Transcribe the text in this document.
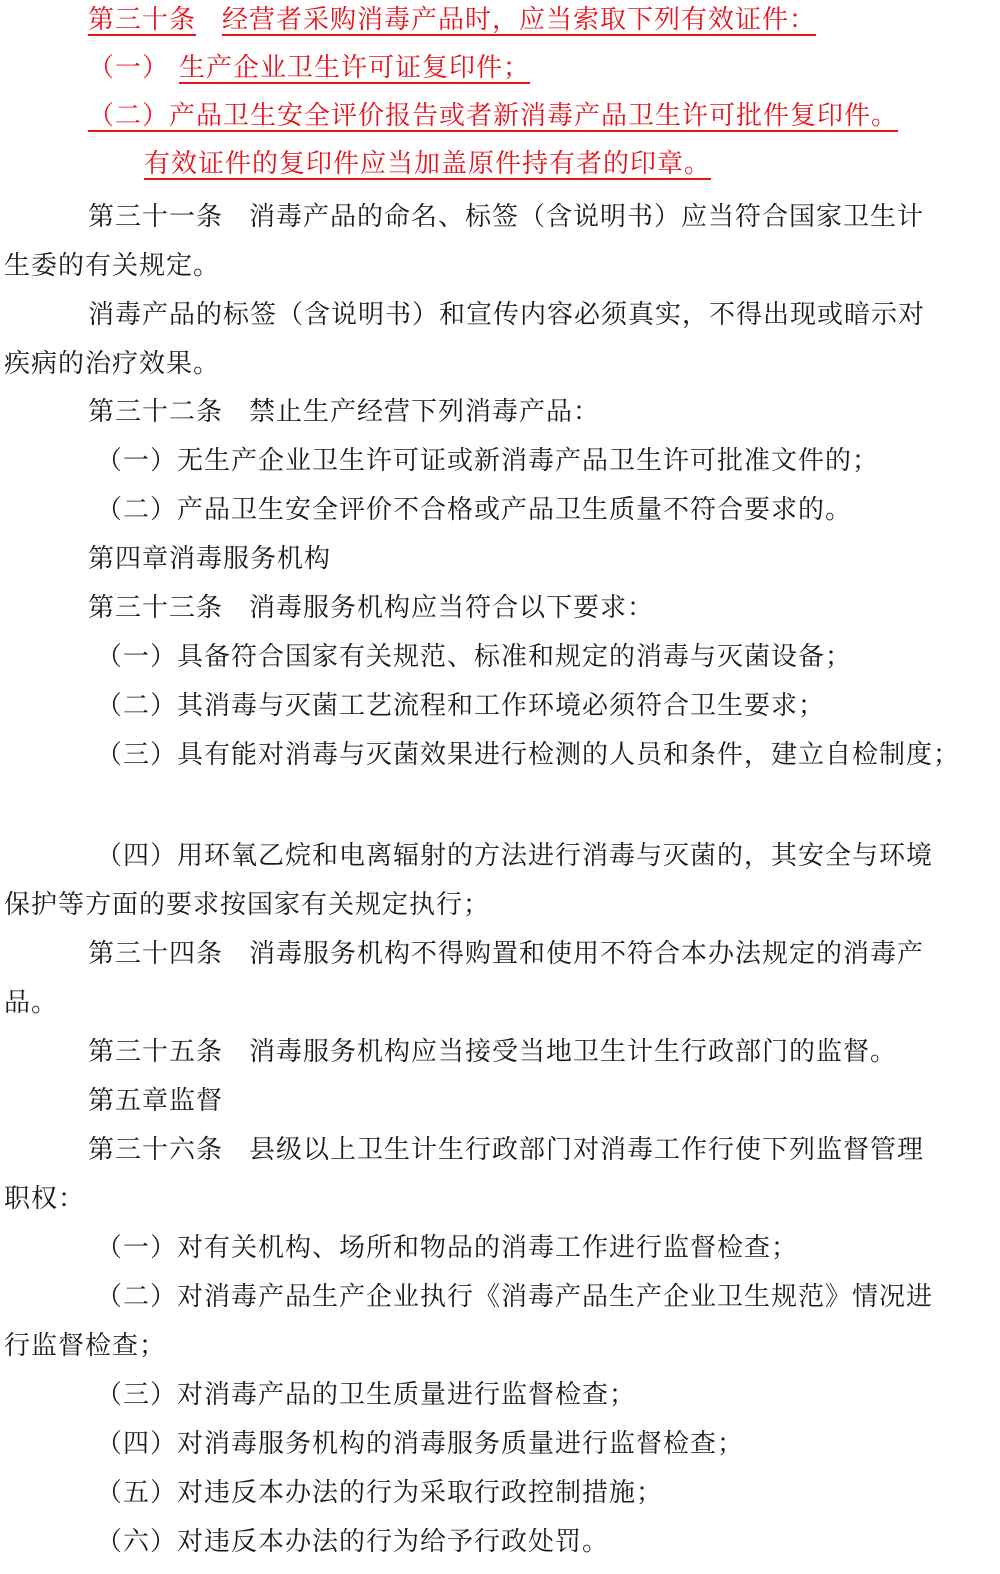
第三十条 经营者采购消毒产品时，应当索取下列有效证件：
（一） 生产企业卫生许可证复印件；
（二）产品卫生安全评价报告或者新消毒产品卫生许可批件复印件。
有效证件的复印件应当加盖原件持有者的印章。
第三十一条 消毒产品的命名、标签（含说明书）应当符合国家卫生计
生委的有关规定。
消毒产品的标签（含说明书）和宣传内容必须真实，不得出现或暗示对
疾病的治疗效果。
第三十二条 禁止生产经营下列消毒产品：
（一）无生产企业卫生许可证或新消毒产品卫生许可批准文件的；
（二）产品卫生安全评价不合格或产品卫生质量不符合要求的。
第四章消毒服务机构
第三十三条 消毒服务机构应当符合以下要求：
（一）具备符合国家有关规范、标准和规定的消毒与灭菌设备；
（二）其消毒与灭菌工艺流程和工作环境必须符合卫生要求；
（三）具有能对消毒与灭菌效果进行检测的人员和条件，建立自检制度；
（四）用环氧乙烷和电离辐射的方法进行消毒与灭菌的，其安全与环境
保护等方面的要求按国家有关规定执行；
第三十四条 消毒服务机构不得购置和使用不符合本办法规定的消毒产
品。
第三十五条 消毒服务机构应当接受当地卫生计生行政部门的监督。
第五章监督
第三十六条 县级以上卫生计生行政部门对消毒工作行使下列监督管理
职权：
（一）对有关机构、场所和物品的消毒工作进行监督检查；
（二）对消毒产品生产企业执行《消毒产品生产企业卫生规范》情况进
行监督检查；
（三）对消毒产品的卫生质量进行监督检查；
（四）对消毒服务机构的消毒服务质量进行监督检查；
（五）对违反本办法的行为采取行政控制措施；
（六）对违反本办法的行为给予行政处罚。
